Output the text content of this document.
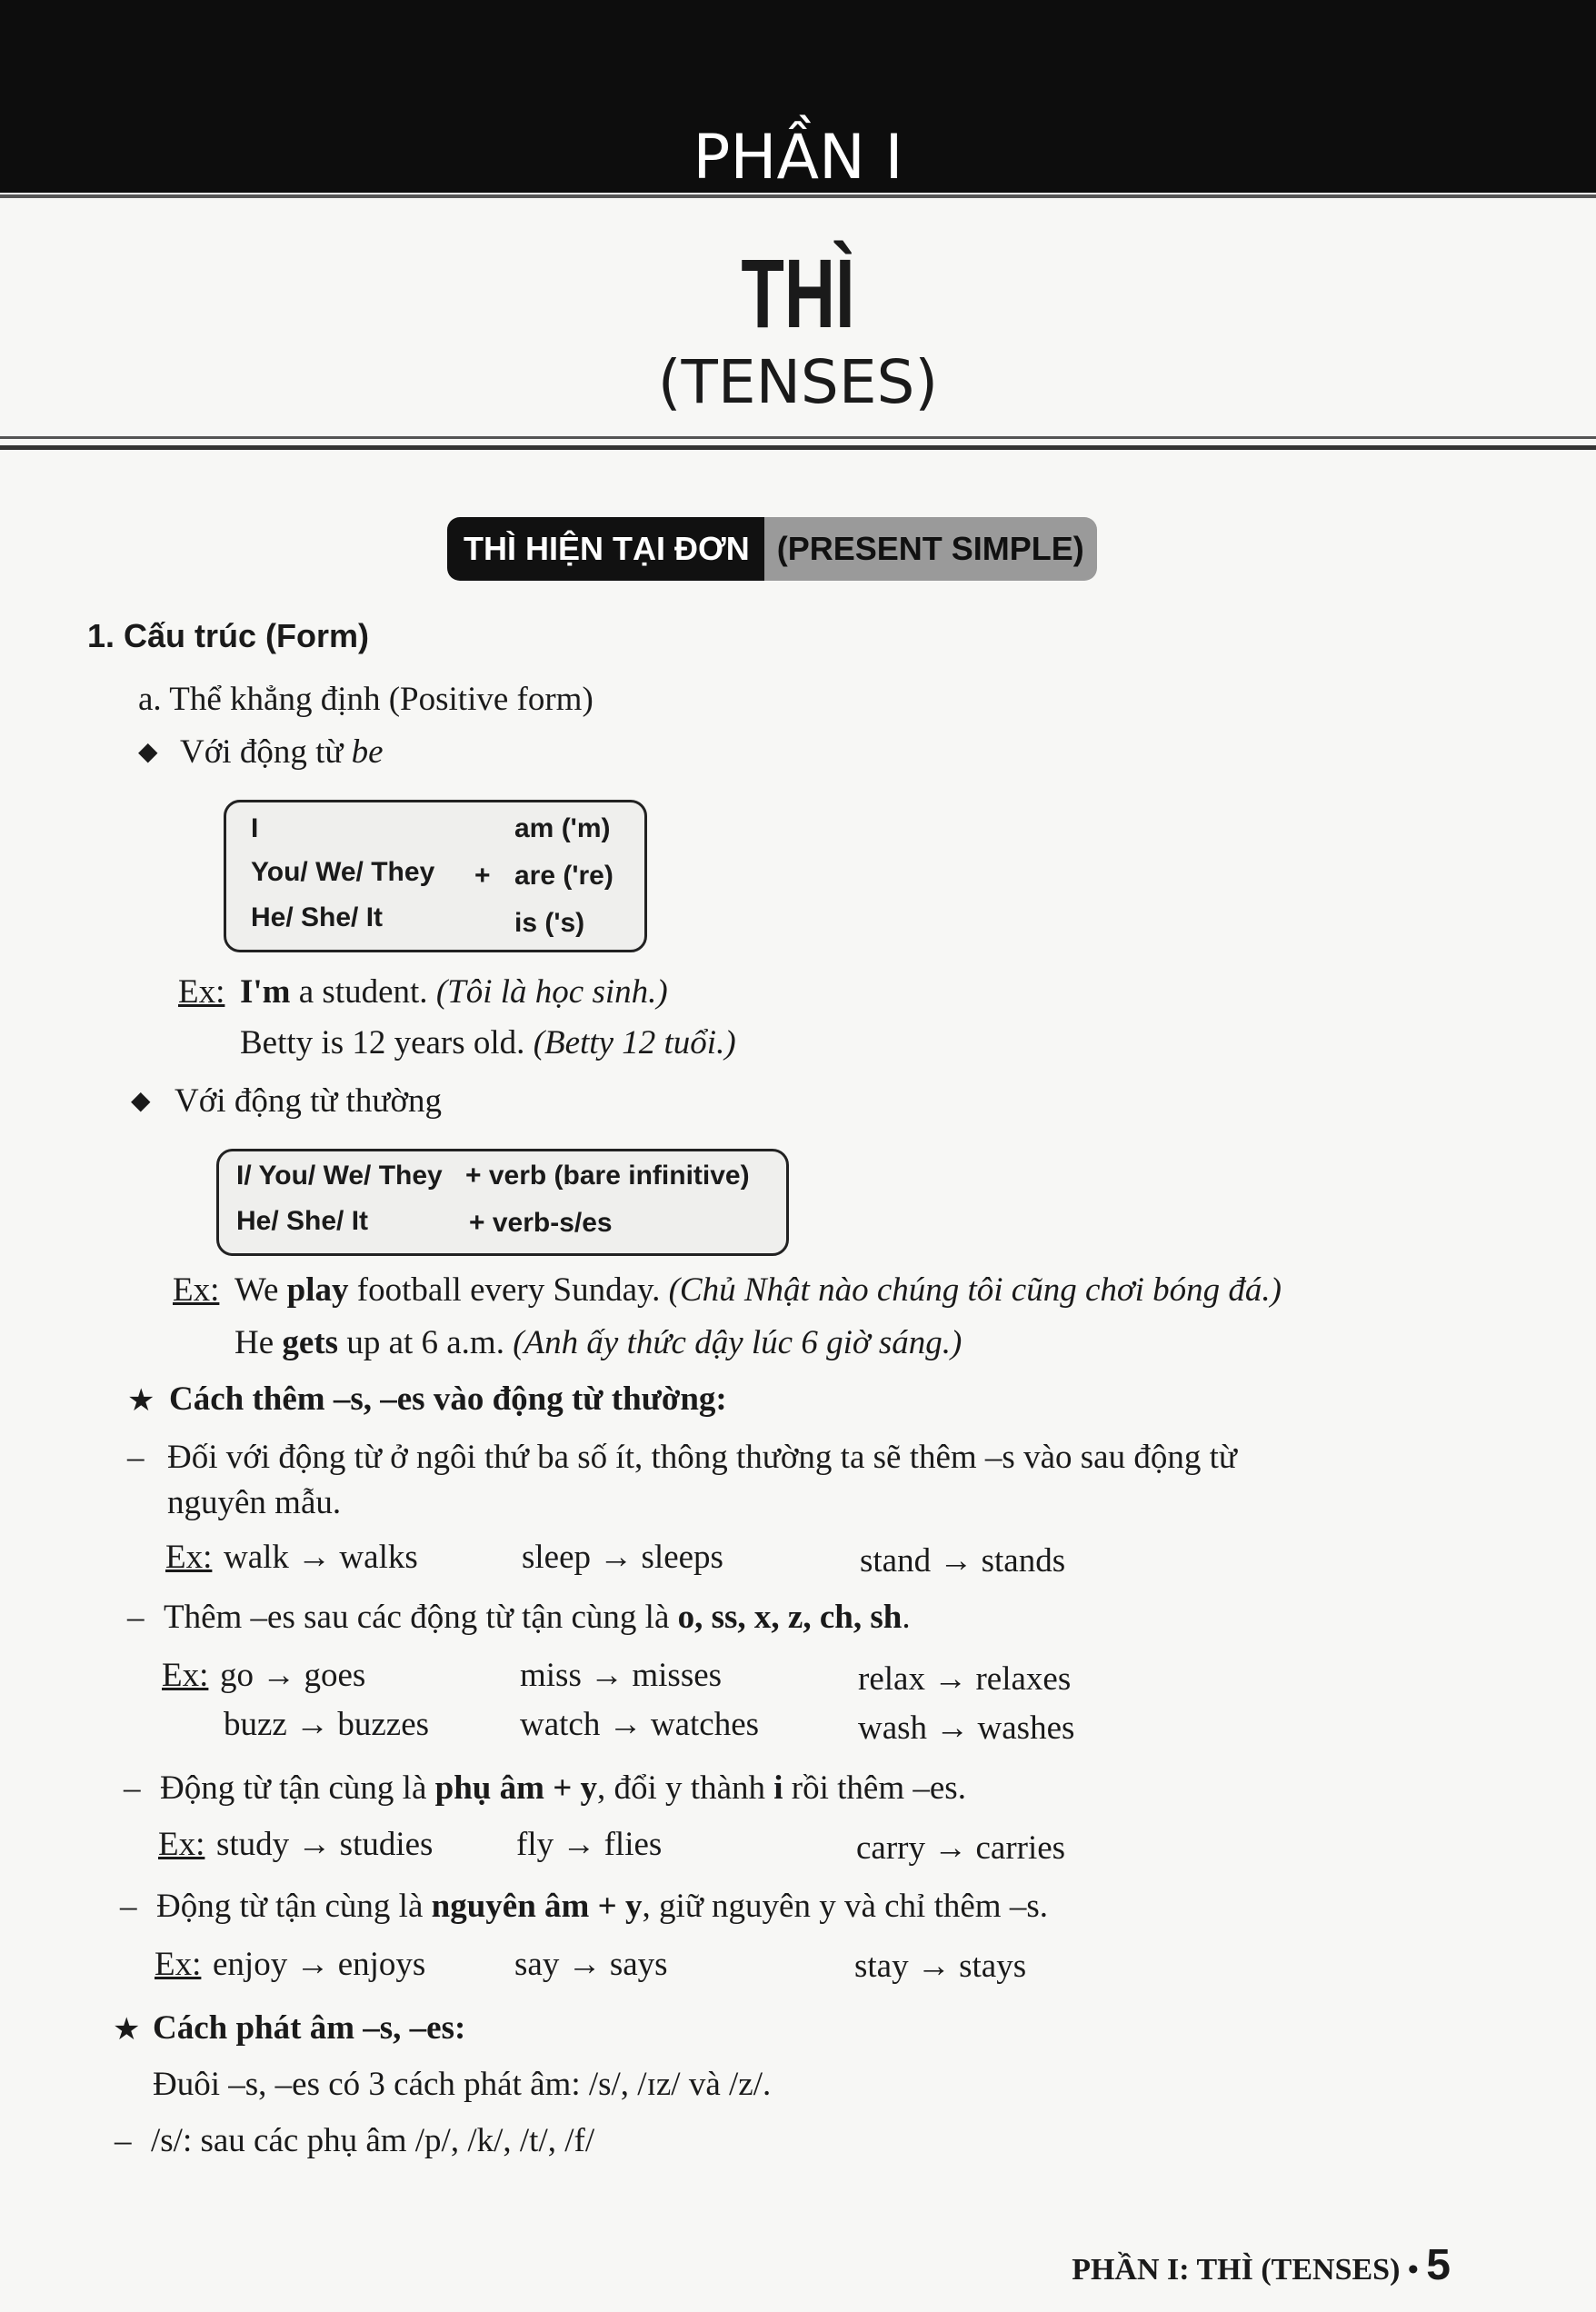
PHẦN I
THÌ
(TENSES)
THÌ HIỆN TẠI ĐƠN (PRESENT SIMPLE)
1. Cấu trúc (Form)
a. Thể khẳng định (Positive form)
◆ Với động từ be
I	am ('m)
You/ We/ They + are ('re)
He/ She/ It	is ('s)
Ex: I'm a student. (Tôi là học sinh.)
Betty is 12 years old. (Betty 12 tuổi.)
◆ Với động từ thường
I/ You/ We/ They + verb (bare infinitive)
He/ She/ It	+ verb-s/es
Ex: We play football every Sunday. (Chủ Nhật nào chúng tôi cũng chơi bóng đá.)
He gets up at 6 a.m. (Anh ấy thức dậy lúc 6 giờ sáng.)
★ Cách thêm –s, –es vào động từ thường:
– Đối với động từ ở ngôi thứ ba số ít, thông thường ta sẽ thêm –s vào sau động từ
nguyên mẫu.
Ex: walk → walks	sleep → sleeps	stand → stands
– Thêm –es sau các động từ tận cùng là o, ss, x, z, ch, sh.
Ex: go → goes	miss → misses	relax → relaxes
buzz → buzzes	watch → watches	wash → washes
– Động từ tận cùng là phụ âm + y, đổi y thành i rồi thêm –es.
Ex: study → studies fly → flies	carry → carries
– Động từ tận cùng là nguyên âm + y, giữ nguyên y và chỉ thêm –s.
Ex: enjoy → enjoys	say → says	stay → stays
★ Cách phát âm –s, –es:
Đuôi –s, –es có 3 cách phát âm: /s/, /ɪz/ và /z/.
– /s/: sau các phụ âm /p/, /k/, /t/, /f/
PHẦN I: THÌ (TENSES) • 5
